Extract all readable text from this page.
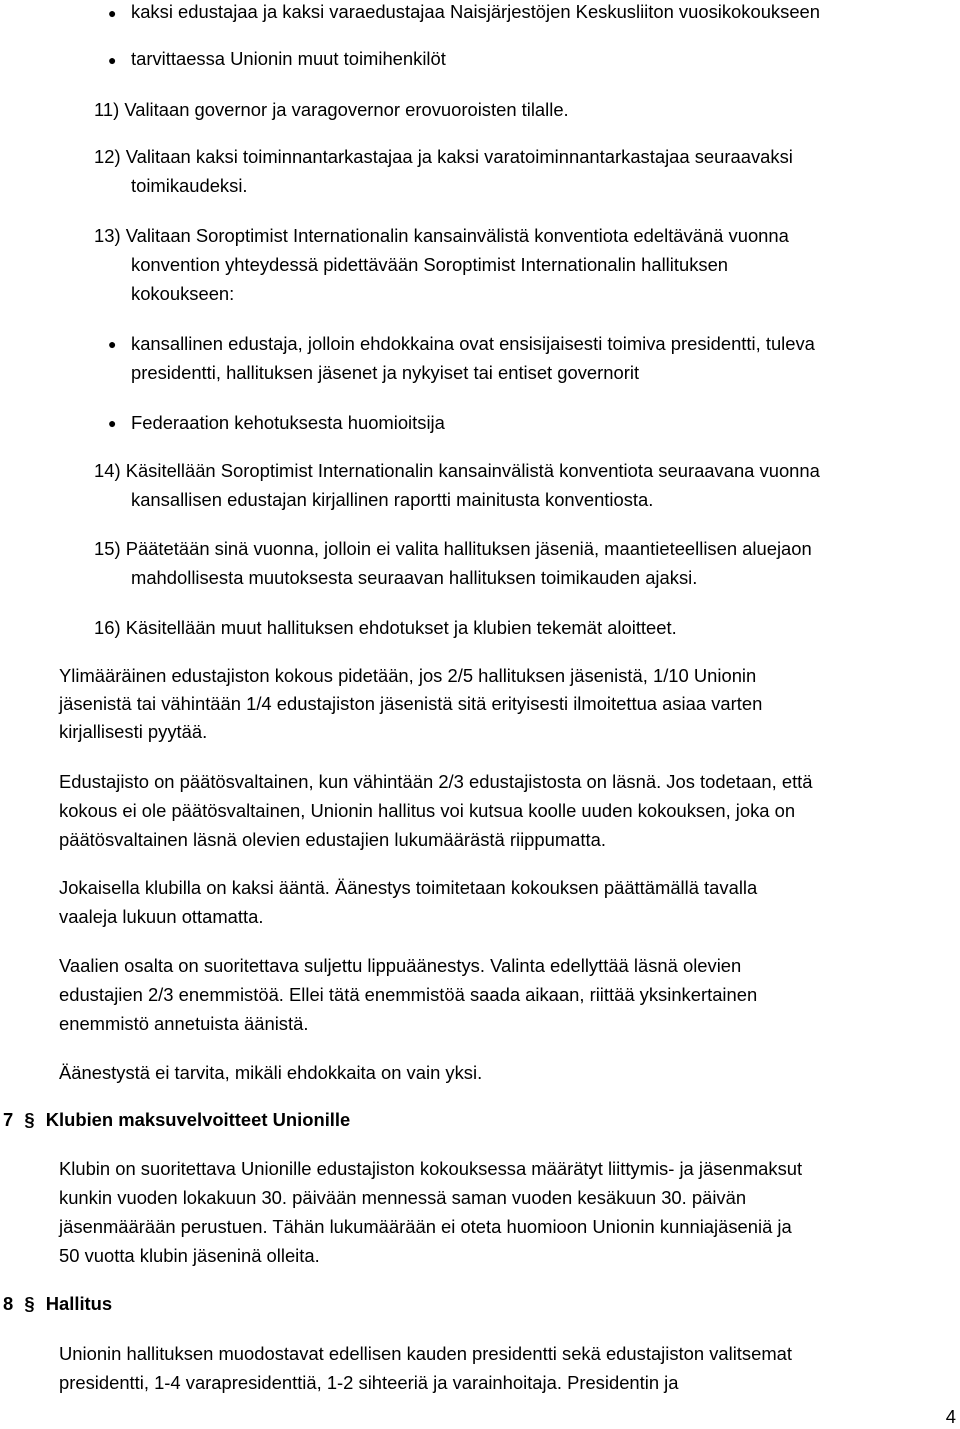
● kaksi edustajaa ja kaksi varaedustajaa Naisjärjestöjen Keskusliiton vuosikokoukseen

● tarvittaessa Unionin muut toimihenkilöt

11) Valitaan governor ja varagovernor erovuoroisten tilalle.

12) Valitaan kaksi toiminnantarkastajaa ja kaksi varatoiminnantarkastajaa seuraavaksi

toimikaudeksi.

13) Valitaan Soroptimist Internationalin kansainvälistä konventiota edeltävänä vuonna

konvention yhteydessä pidettävään Soroptimist Internationalin hallituksen

kokoukseen:

● kansallinen edustaja, jolloin ehdokkaina ovat ensisijaisesti toimiva presidentti, tuleva

presidentti, hallituksen jäsenet ja nykyiset tai entiset governorit

● Federaation kehotuksesta huomioitsija

14) Käsitellään Soroptimist Internationalin kansainvälistä konventiota seuraavana vuonna

kansallisen edustajan kirjallinen raportti mainitusta konventiosta.

15) Päätetään sinä vuonna, jolloin ei valita hallituksen jäseniä, maantieteellisen aluejaon

mahdollisesta muutoksesta seuraavan hallituksen toimikauden ajaksi.

16) Käsitellään muut hallituksen ehdotukset ja klubien tekemät aloitteet.

Ylimääräinen edustajiston kokous pidetään, jos 2/5 hallituksen jäsenistä, 1/10 Unionin

jäsenistä tai vähintään 1/4 edustajiston jäsenistä sitä erityisesti ilmoitettua asiaa varten

kirjallisesti pyytää.

Edustajisto on päätösvaltainen, kun vähintään 2/3 edustajistosta on läsnä. Jos todetaan, että

kokous ei ole päätösvaltainen, Unionin hallitus voi kutsua koolle uuden kokouksen, joka on

päätösvaltainen läsnä olevien edustajien lukumäärästä riippumatta.

Jokaisella klubilla on kaksi ääntä. Äänestys toimitetaan kokouksen päättämällä tavalla

vaaleja lukuun ottamatta.

Vaalien osalta on suoritettava suljettu lippuäänestys. Valinta edellyttää läsnä olevien

edustajien 2/3 enemmistöä. Ellei tätä enemmistöä saada aikaan, riittää yksinkertainen

enemmistö annetuista äänistä.

Äänestystä ei tarvita, mikäli ehdokkaita on vain yksi.

7 § Klubien maksuvelvoitteet Unionille

Klubin on suoritettava Unionille edustajiston kokouksessa määrätyt liittymis- ja jäsenmaksut

kunkin vuoden lokakuun 30. päivään mennessä saman vuoden kesäkuun 30. päivän

jäsenmäärään perustuen. Tähän lukumäärään ei oteta huomioon Unionin kunniajäseniä ja

50 vuotta klubin jäseninä olleita.

8 § Hallitus

Unionin hallituksen muodostavat edellisen kauden presidentti sekä edustajiston valitsemat

presidentti, 1-4 varapresidenttiä, 1-2 sihteeriä ja varainhoitaja. Presidentin ja

4
